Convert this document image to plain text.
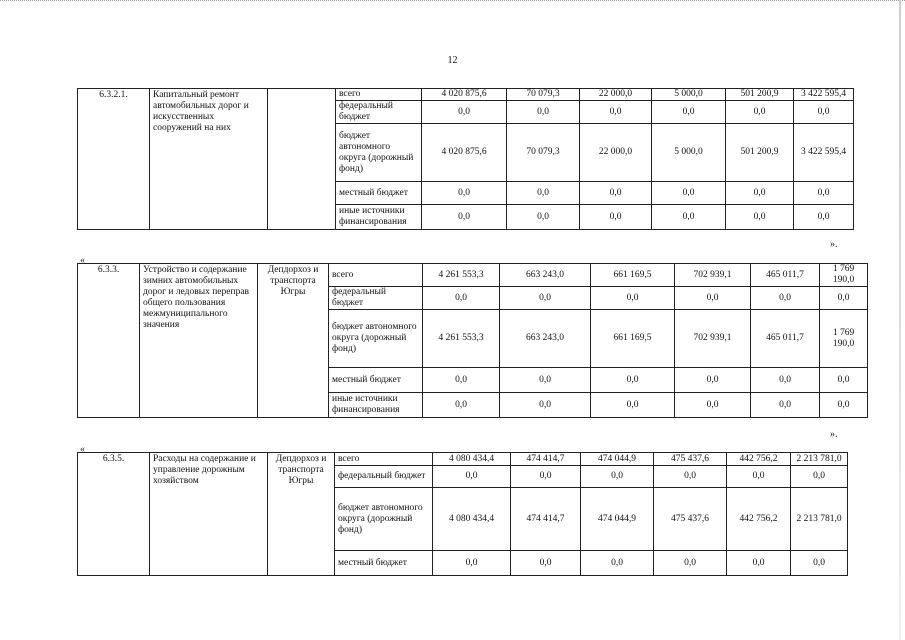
12
6.3.2.1.	Капитальный ремонт автомобильных дорог и искусственных сооружений на них		всего	4 020 875,6	70 079,3	22 000,0	5 000,0	501 200,9	3 422 595,4
			федеральный бюджет	0,0	0,0	0,0	0,0	0,0	0,0
			бюджет автономного округа (дорожный фонд)	4 020 875,6	70 079,3	22 000,0	5 000,0	501 200,9	3 422 595,4
			местный бюджет	0,0	0,0	0,0	0,0	0,0	0,0
			иные источники финансирования	0,0	0,0	0,0	0,0	0,0	0,0
».
«
6.3.3.	Устройство и содержание зимних автомобильных дорог и ледовых переправ общего пользования межмуниципального значения	Депдорхоз и транспорта Югры	всего	4 261 553,3	663 243,0	661 169,5	702 939,1	465 011,7	1 769 190,0
			федеральный бюджет	0,0	0,0	0,0	0,0	0,0	0,0
			бюджет автономного округа (дорожный фонд)	4 261 553,3	663 243,0	661 169,5	702 939,1	465 011,7	1 769 190,0
			местный бюджет	0,0	0,0	0,0	0,0	0,0	0,0
			иные источники финансирования	0,0	0,0	0,0	0,0	0,0	0,0
».
«
6.3.5.	Расходы на содержание и управление дорожным хозяйством	Депдорхоз и транспорта Югры	всего	4 080 434,4	474 414,7	474 044,9	475 437,6	442 756,2	2 213 781,0
			федеральный бюджет	0,0	0,0	0,0	0,0	0,0	0,0
			бюджет автономного округа (дорожный фонд)	4 080 434,4	474 414,7	474 044,9	475 437,6	442 756,2	2 213 781,0
			местный бюджет	0,0	0,0	0,0	0,0	0,0	0,0
